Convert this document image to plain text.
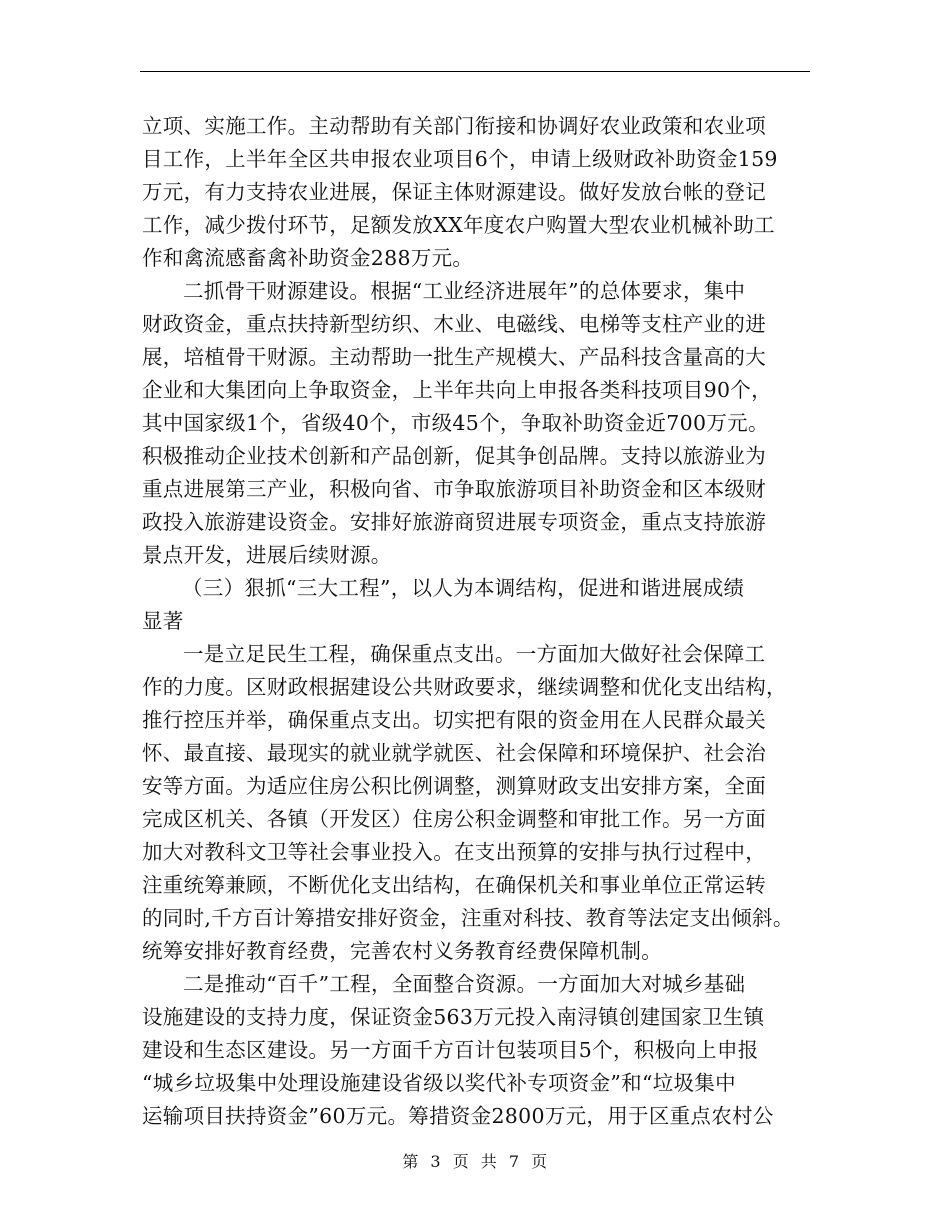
立项、实施工作。主动帮助有关部门衔接和协调好农业政策和农业项
目工作，上半年全区共申报农业项目6个，申请上级财政补助资金159
万元，有力支持农业进展，保证主体财源建设。做好发放台帐的登记
工作，减少拨付环节，足额发放XX年度农户购置大型农业机械补助工
作和禽流感畜禽补助资金288万元。
二抓骨干财源建设。根据“工业经济进展年”的总体要求，集中
财政资金，重点扶持新型纺织、木业、电磁线、电梯等支柱产业的进
展，培植骨干财源。主动帮助一批生产规模大、产品科技含量高的大
企业和大集团向上争取资金，上半年共向上申报各类科技项目90个，
其中国家级1个，省级40个，市级45个，争取补助资金近700万元。
积极推动企业技术创新和产品创新，促其争创品牌。支持以旅游业为
重点进展第三产业，积极向省、市争取旅游项目补助资金和区本级财
政投入旅游建设资金。安排好旅游商贸进展专项资金，重点支持旅游
景点开发，进展后续财源。
（三）狠抓“三大工程”，以人为本调结构，促进和谐进展成绩
显著
一是立足民生工程，确保重点支出。一方面加大做好社会保障工
作的力度。区财政根据建设公共财政要求，继续调整和优化支出结构，
推行控压并举，确保重点支出。切实把有限的资金用在人民群众最关
怀、最直接、最现实的就业就学就医、社会保障和环境保护、社会治
安等方面。为适应住房公积比例调整，测算财政支出安排方案，全面
完成区机关、各镇（开发区）住房公积金调整和审批工作。另一方面
加大对教科文卫等社会事业投入。在支出预算的安排与执行过程中，
注重统筹兼顾，不断优化支出结构，在确保机关和事业单位正常运转
的同时,千方百计筹措安排好资金，注重对科技、教育等法定支出倾斜。
统筹安排好教育经费，完善农村义务教育经费保障机制。
二是推动“百千”工程，全面整合资源。一方面加大对城乡基础
设施建设的支持力度，保证资金563万元投入南浔镇创建国家卫生镇
建设和生态区建设。另一方面千方百计包装项目5个，积极向上申报
“城乡垃圾集中处理设施建设省级以奖代补专项资金”和“垃圾集中
运输项目扶持资金”60万元。筹措资金2800万元，用于区重点农村公
第 3 页 共 7 页
